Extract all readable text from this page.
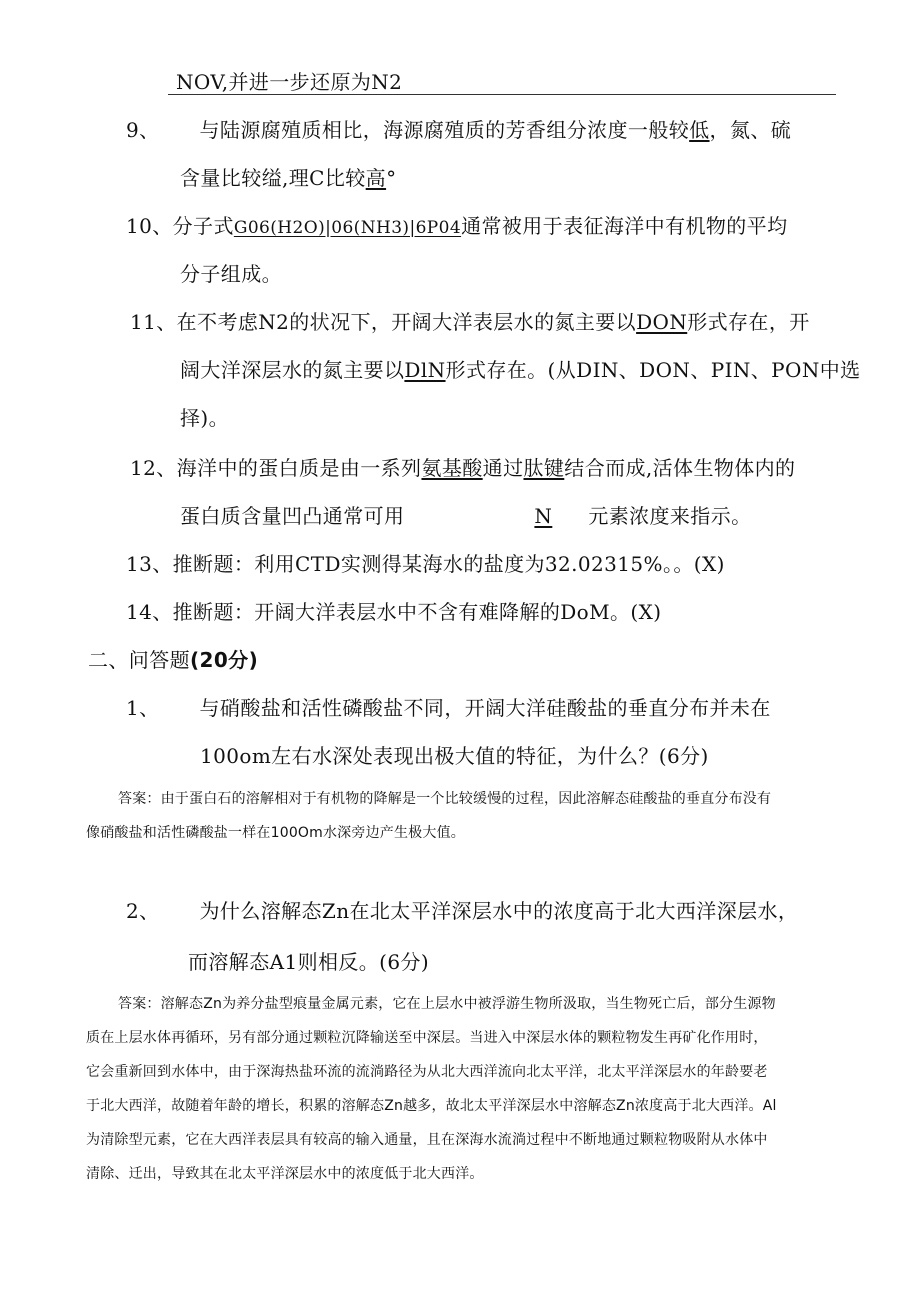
NOV,并进一步还原为N2
9、 与陆源腐殖质相比，海源腐殖质的芳香组分浓度一般较低，氮、硫
含量比较缢,理C比较高°
10、分子式G06(H2O)|06(NH3)|6P04通常被用于表征海洋中有机物的平均
分子组成。
11、在不考虑N2的状况下，开阔大洋表层水的氮主要以DON形式存在，开
阔大洋深层水的氮主要以DlN形式存在。(从DIN、DON、PIN、PON中选
择)。
12、海洋中的蛋白质是由一系列氨基酸通过肽键结合而成,活体生物体内的
蛋白质含量凹凸通常可用	N 元素浓度来指示。
13、推断题：利用CTD实测得某海水的盐度为32.02315%。。(X)
14、推断题：开阔大洋表层水中不含有难降解的DoM。(X)
二、问答题(20分)
1、 与硝酸盐和活性磷酸盐不同，开阔大洋硅酸盐的垂直分布并未在
100om左右水深处表现出极大值的特征，为什么？(6分)
答案：由于蛋白石的溶解相对于有机物的降解是一个比较缓慢的过程，因此溶解态硅酸盐的垂直分布没有
像硝酸盐和活性磷酸盐一样在100Om水深旁边产生极大值。
2、 为什么溶解态Zn在北太平洋深层水中的浓度高于北大西洋深层水，
而溶解态A1则相反。(6分)
答案：溶解态Zn为养分盐型痕量金属元素，它在上层水中被浮游生物所汲取，当生物死亡后，部分生源物
质在上层水体再循环，另有部分通过颗粒沉降输送至中深层。当进入中深层水体的颗粒物发生再矿化作用时，
它会重新回到水体中，由于深海热盐环流的流淌路径为从北大西洋流向北太平洋，北太平洋深层水的年龄要老
于北大西洋，故随着年龄的增长，积累的溶解态Zn越多，故北太平洋深层水中溶解态Zn浓度高于北大西洋。Al
为清除型元素，它在大西洋表层具有较高的输入通量，且在深海水流淌过程中不断地通过颗粒物吸附从水体中
清除、迁出，导致其在北太平洋深层水中的浓度低于北大西洋。
